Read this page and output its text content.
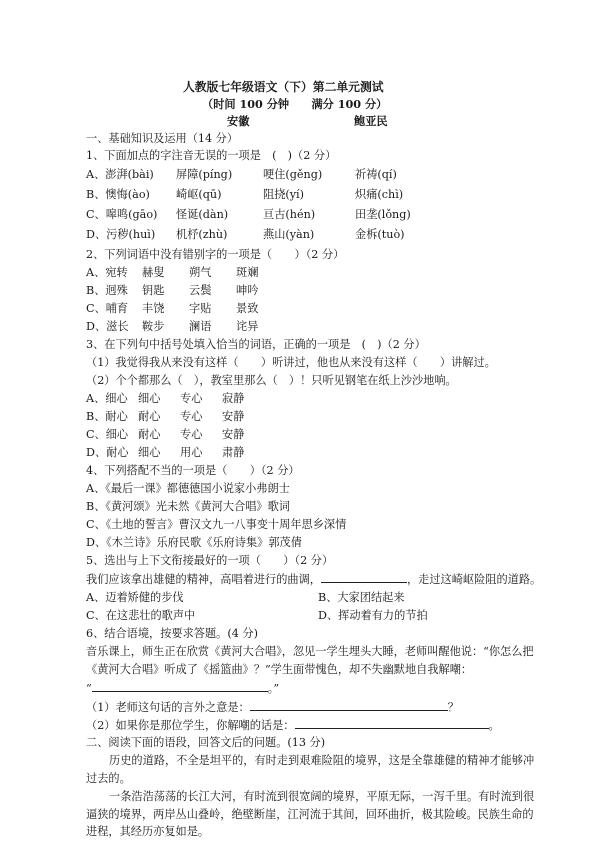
人教版七年级语文（下）第二单元测试
（时间 100 分钟　　满分 100 分）
安徽	鲍亚民
一、基础知识及运用（14 分）
1、下面加点的字注音无误的一项是　(　)（2 分）
A、澎湃(bài) 屏障(píng)	哽住(gěng)	祈祷(qí)
B、懊悔(ào) 崎岖(qū)	阻挠(yí)	炽痛(chì)
C、嗥鸣(gāo) 怪诞(dàn)	亘古(hén)	田垄(lǒng)
D、污秽(huì) 机杼(zhù)	燕山(yàn)	金柝(tuò)
2、下列词语中没有错别字的一项是（　　）（2 分）
A、宛转 赫叟 朔气 斑斓
B、迥殊 钥匙 云鬓 呻吟
C、哺育 丰饶 字贴 景致
D、滋长 鞍步 澜语 诧异
3、在下列句中括号处填入恰当的词语，正确的一项是　(　)（2 分）
（1）我觉得我从来没有这样（　　）听讲过，他也从来没有这样（　　）讲解过。
（2）个个都那么（　），教室里那么（　）！只听见钢笔在纸上沙沙地响。
A、细心 细心 专心 寂静
B、耐心 耐心 专心 安静
C、细心 耐心 专心 安静
D、耐心 细心 用心 肃静
4、下列搭配不当的一项是（　　）（2 分）
A、《最后一课》都德德国小说家小弗朗士
B、《黄河颂》光未然《黄河大合唱》歌词
C、《土地的誓言》曹汉文九一八事变十周年思乡深情
D、《木兰诗》乐府民歌《乐府诗集》郭茂倩
5、选出与上下文衔接最好的一项（　　）（2 分）
我们应该拿出雄健的精神，高唱着进行的曲调，	，走过这崎岖险阻的道路。
A、迈着矫健的步伐	B、大家团结起来
C、在这悲壮的歌声中	D、挥动着有力的节拍
6、结合语境，按要求答题。(4 分)
音乐课上，师生正在欣赏《黄河大合唱》，忽见一学生埋头大睡，老师叫醒他说：“你怎么把
《黄河大合唱》听成了《摇篮曲》？”学生面带愧色，却不失幽默地自我解嘲：
“	。”
（1）老师这句话的言外之意是：	？
（2）如果你是那位学生，你解嘲的话是：	。
二、阅读下面的语段，回答文后的问题。(13 分)
历史的道路，不全是坦平的，有时走到艰难险阻的境界，这是全靠雄健的精神才能够冲
过去的。
一条浩浩荡荡的长江大河，有时流到很宽阔的境界，平原无际，一泻千里。有时流到很
逼狭的境界，两岸丛山叠岭，绝壁断崖，江河流于其间，回环曲折，极其险峻。民族生命的
进程，其经历亦复如是。
